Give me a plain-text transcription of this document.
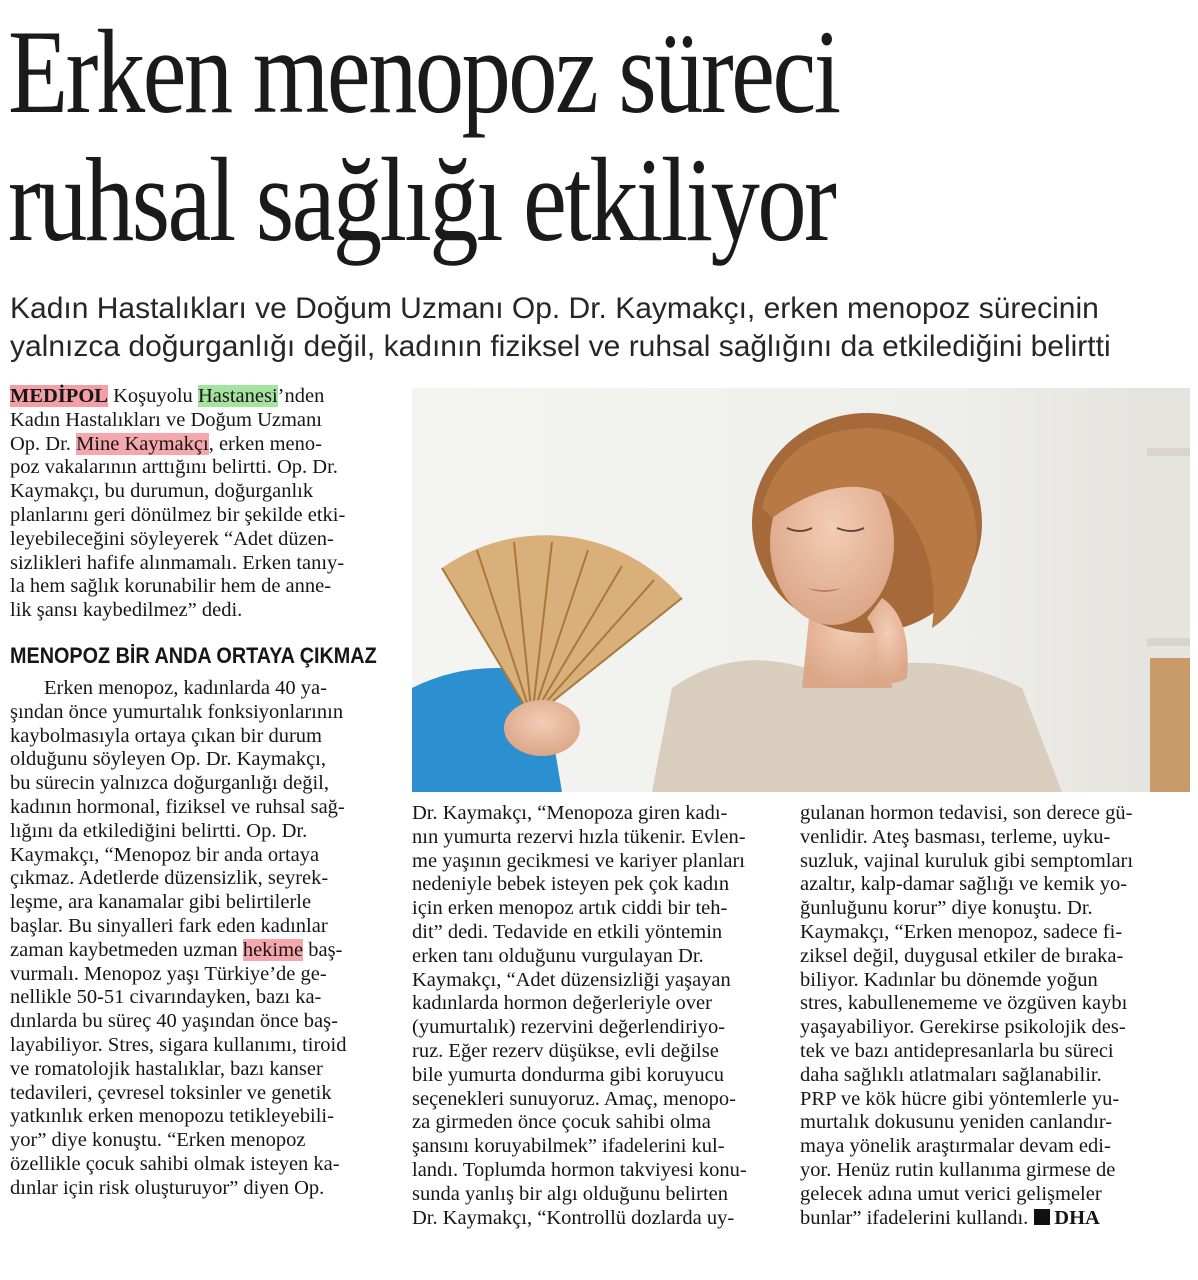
Erken menopoz süreci
ruhsal sağlığı etkiliyor
Kadın Hastalıkları ve Doğum Uzmanı Op. Dr. Kaymakçı, erken menopoz sürecinin
yalnızca doğurganlığı değil, kadının fiziksel ve ruhsal sağlığını da etkilediğini belirtti
MEDİPOL Koşuyolu Hastanesi’nden
Kadın Hastalıkları ve Doğum Uzmanı
Op. Dr. Mine Kaymakçı, erken meno-
poz vakalarının arttığını belirtti. Op. Dr.
Kaymakçı, bu durumun, doğurganlık
planlarını geri dönülmez bir şekilde etki-
leyebileceğini söyleyerek “Adet düzen-
sizlikleri hafife alınmamalı. Erken tanıy-
la hem sağlık korunabilir hem de anne-
lik şansı kaybedilmez” dedi.
MENOPOZ BİR ANDA ORTAYA ÇIKMAZ
Erken menopoz, kadınlarda 40 ya-
şından önce yumurtalık fonksiyonlarının
kaybolmasıyla ortaya çıkan bir durum
olduğunu söyleyen Op. Dr. Kaymakçı,
bu sürecin yalnızca doğurganlığı değil,
kadının hormonal, fiziksel ve ruhsal sağ-
lığını da etkilediğini belirtti. Op. Dr.
Kaymakçı, “Menopoz bir anda ortaya
çıkmaz. Adetlerde düzensizlik, seyrek-
leşme, ara kanamalar gibi belirtilerle
başlar. Bu sinyalleri fark eden kadınlar
zaman kaybetmeden uzman hekime baş-
vurmalı. Menopoz yaşı Türkiye’de ge-
nellikle 50-51 civarındayken, bazı ka-
dınlarda bu süreç 40 yaşından önce baş-
layabiliyor. Stres, sigara kullanımı, tiroid
ve romatolojik hastalıklar, bazı kanser
tedavileri, çevresel toksinler ve genetik
yatkınlık erken menopozu tetikleyebili-
yor” diye konuştu. “Erken menopoz
özellikle çocuk sahibi olmak isteyen ka-
dınlar için risk oluşturuyor” diyen Op.
Dr. Kaymakçı, “Menopoza giren kadı-
nın yumurta rezervi hızla tükenir. Evlen-
me yaşının gecikmesi ve kariyer planları
nedeniyle bebek isteyen pek çok kadın
için erken menopoz artık ciddi bir teh-
dit” dedi. Tedavide en etkili yöntemin
erken tanı olduğunu vurgulayan Dr.
Kaymakçı, “Adet düzensizliği yaşayan
kadınlarda hormon değerleriyle over
(yumurtalık) rezervini değerlendiriyo-
ruz. Eğer rezerv düşükse, evli değilse
bile yumurta dondurma gibi koruyucu
seçenekleri sunuyoruz. Amaç, menopo-
za girmeden önce çocuk sahibi olma
şansını koruyabilmek” ifadelerini kul-
landı. Toplumda hormon takviyesi konu-
sunda yanlış bir algı olduğunu belirten
Dr. Kaymakçı, “Kontrollü dozlarda uy-
gulanan hormon tedavisi, son derece gü-
venlidir. Ateş basması, terleme, uyku-
suzluk, vajinal kuruluk gibi semptomları
azaltır, kalp-damar sağlığı ve kemik yo-
ğunluğunu korur” diye konuştu. Dr.
Kaymakçı, “Erken menopoz, sadece fi-
ziksel değil, duygusal etkiler de bıraka-
biliyor. Kadınlar bu dönemde yoğun
stres, kabullenememe ve özgüven kaybı
yaşayabiliyor. Gerekirse psikolojik des-
tek ve bazı antidepresanlarla bu süreci
daha sağlıklı atlatmaları sağlanabilir.
PRP ve kök hücre gibi yöntemlerle yu-
murtalık dokusunu yeniden canlandır-
maya yönelik araştırmalar devam edi-
yor. Henüz rutin kullanıma girmese de
gelecek adına umut verici gelişmeler
bunlar” ifadelerini kullandı. DHA
